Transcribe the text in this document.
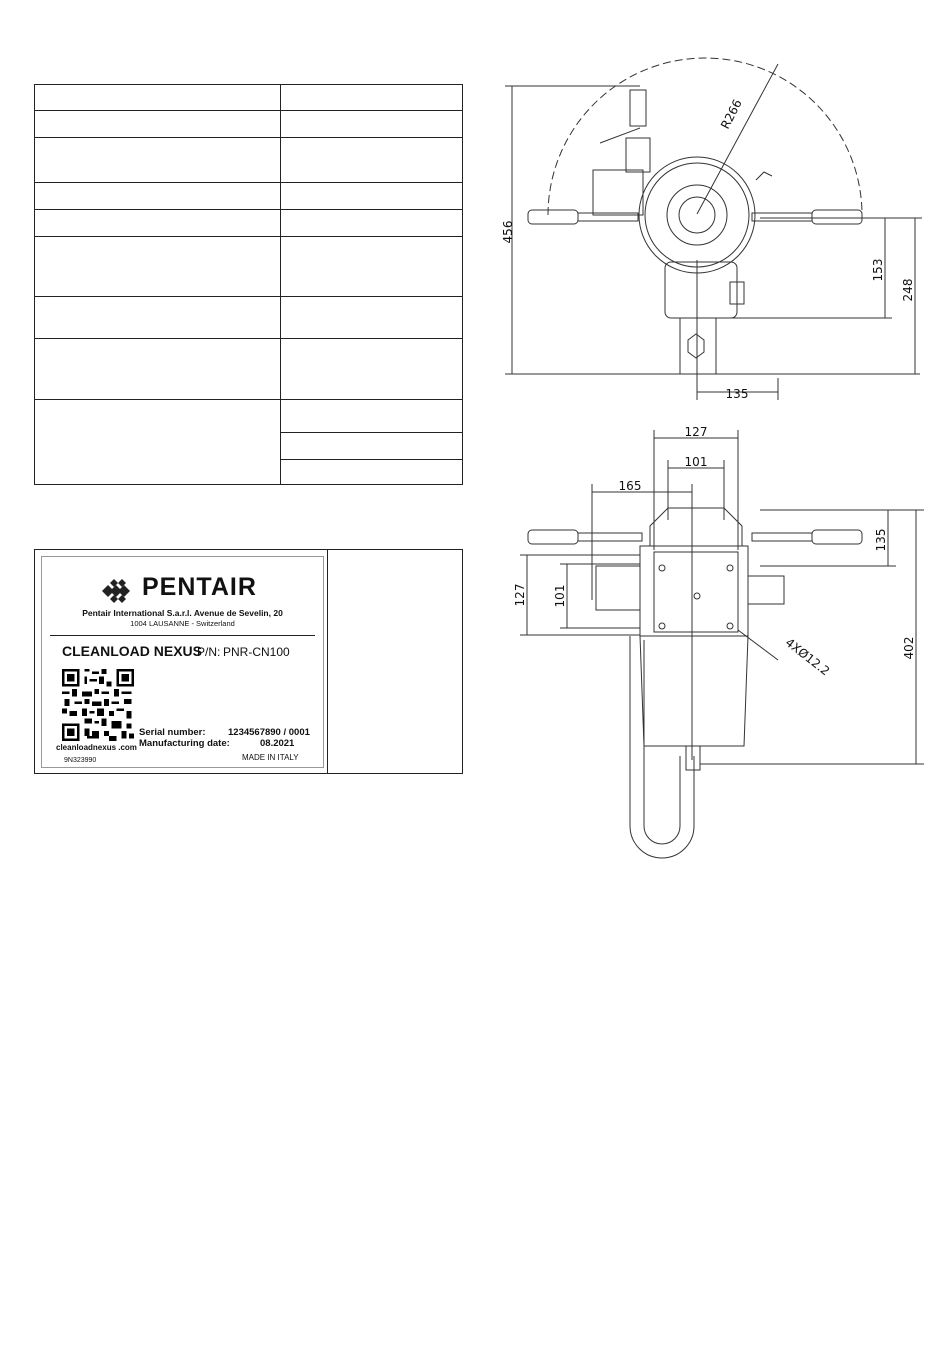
PENTAIR
Pentair International S.a.r.l. Avenue de Sevelin, 20
1004 LAUSANNE - Switzerland
CLEANLOAD NEXUS
P/N: PNR-CN100
Serial number: 1234567890 / 0001
Manufacturing date:	08.2021
MADE IN ITALY
cleanloadnexus .com
9N323990
456
R266
153
248
135
127
101
165
127 101
135
402
4XØ12.2
